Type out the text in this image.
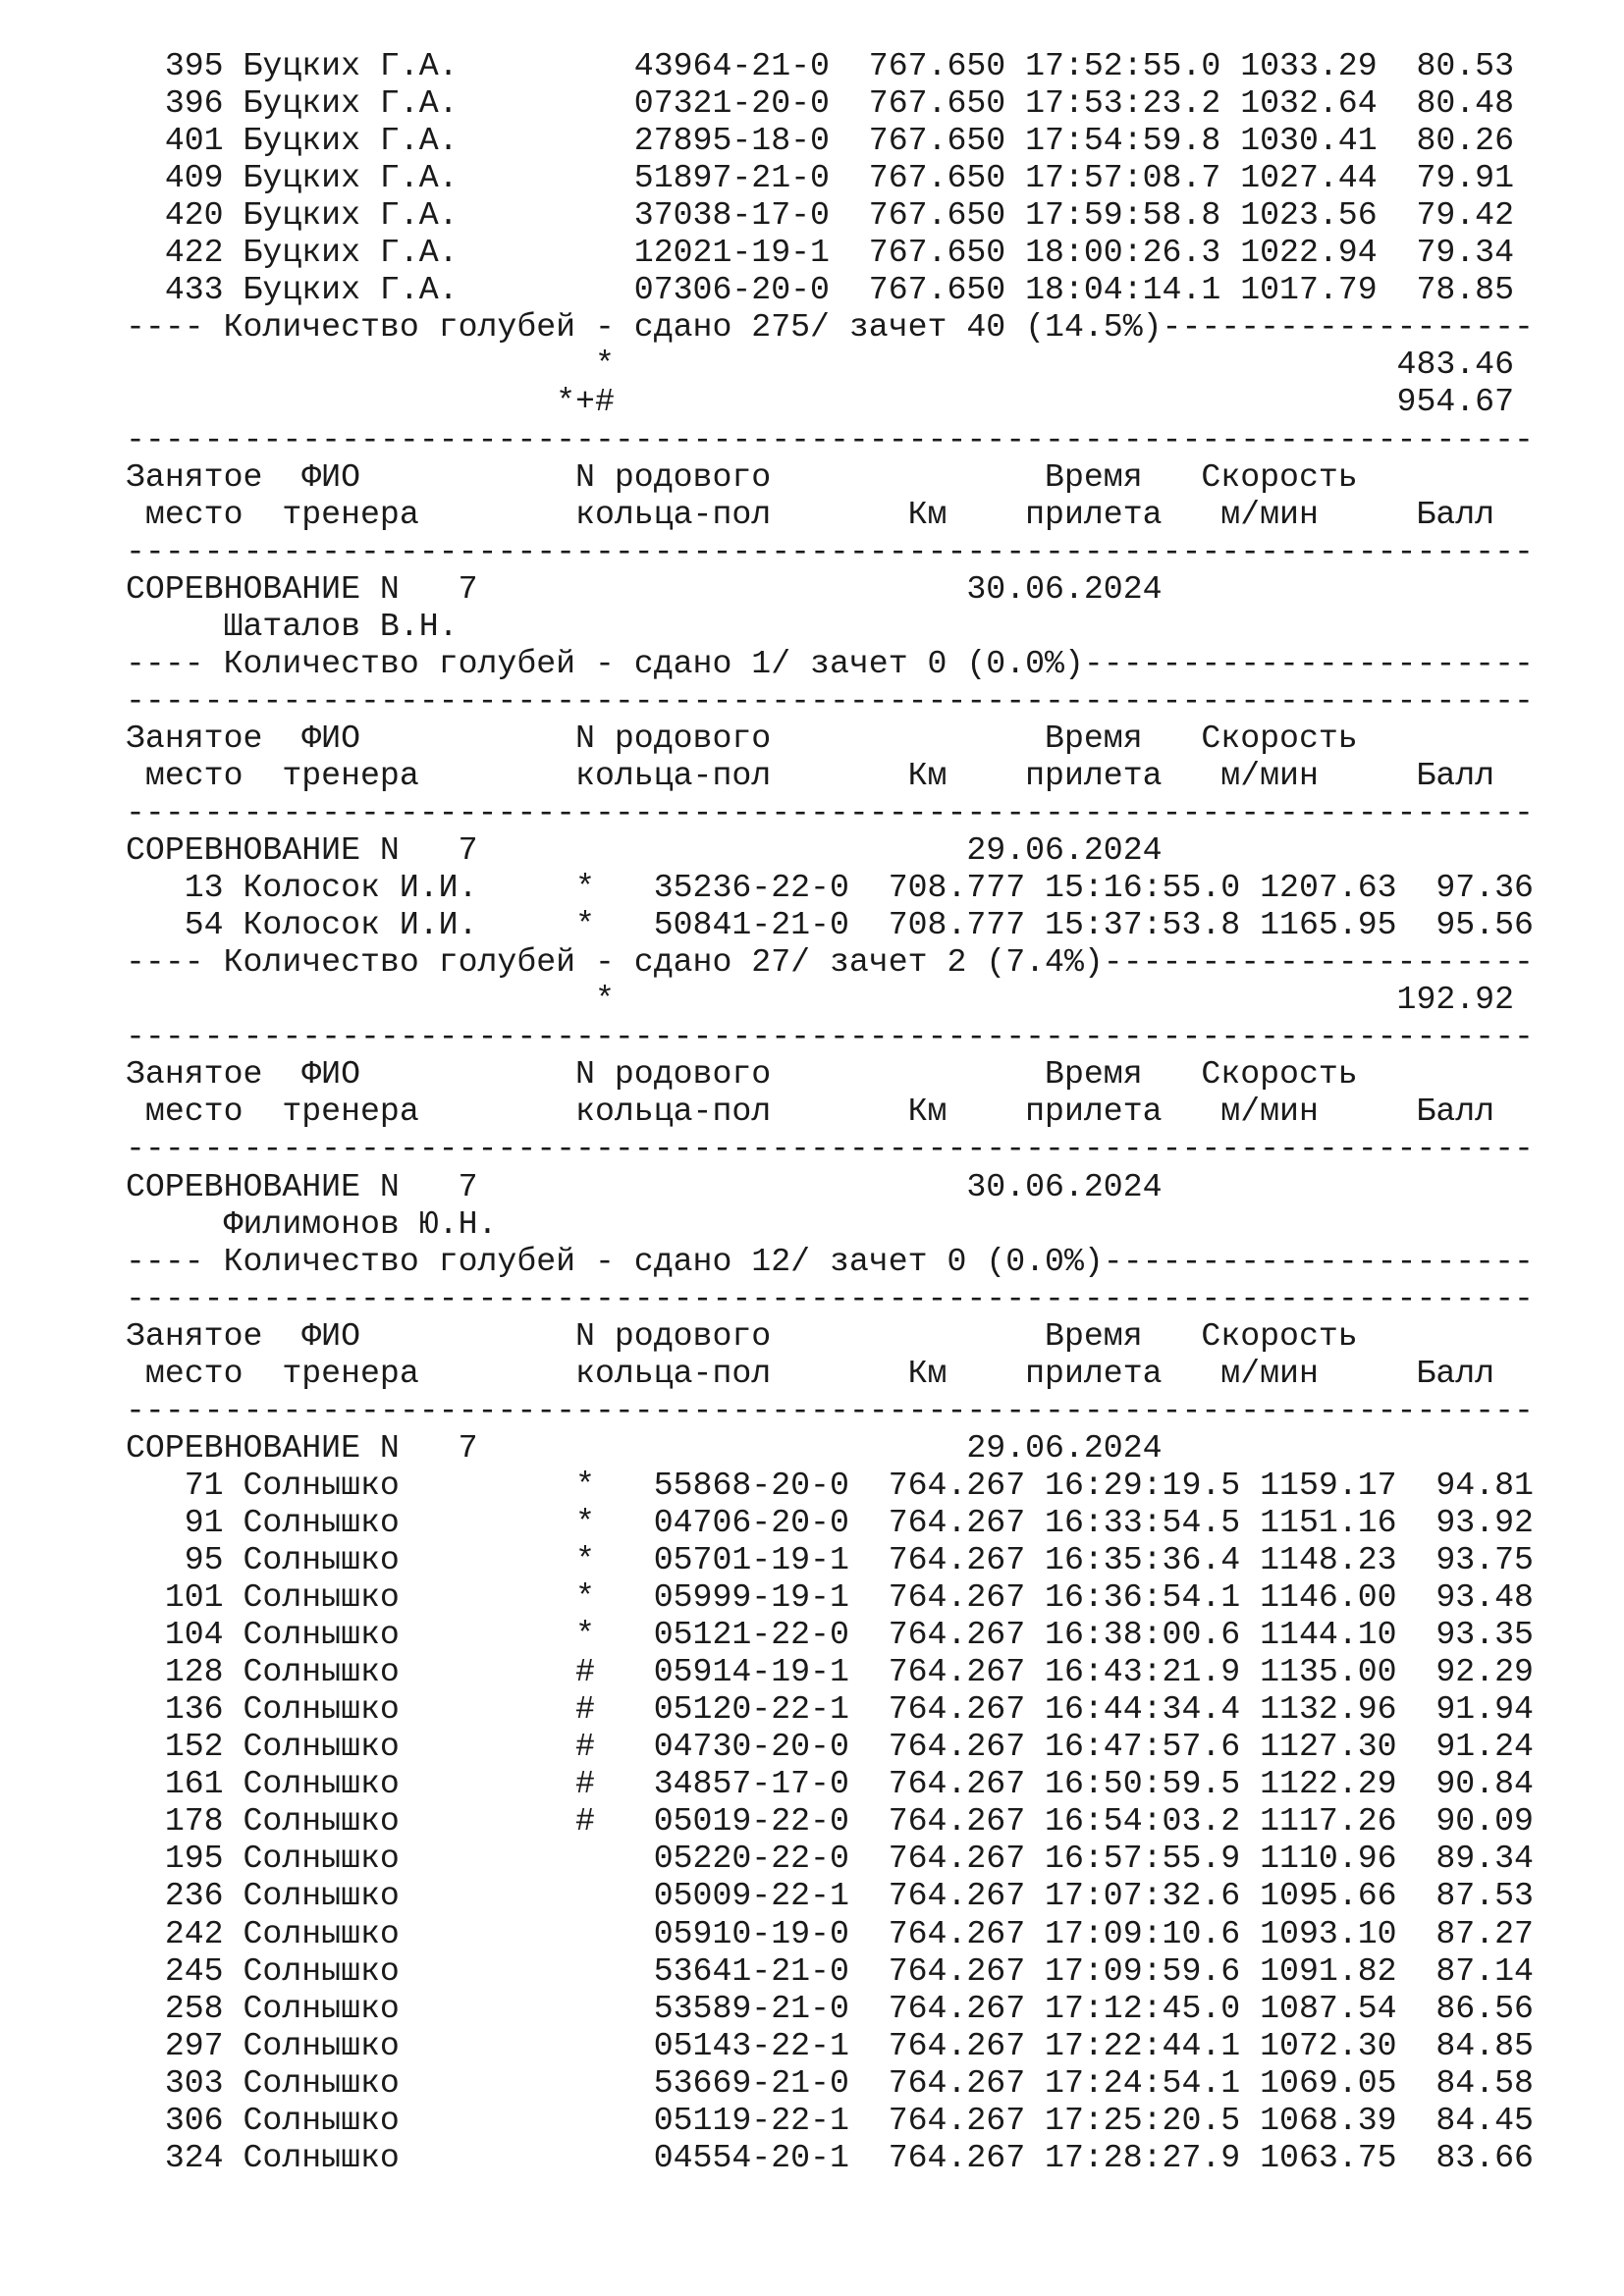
395 Буцких Г.А.         43964-21-0  767.650 17:52:55.0 1033.29  80.53
396 Буцких Г.А.         07321-20-0  767.650 17:53:23.2 1032.64  80.48
401 Буцких Г.А.         27895-18-0  767.650 17:54:59.8 1030.41  80.26
409 Буцких Г.А.         51897-21-0  767.650 17:57:08.7 1027.44  79.91
420 Буцких Г.А.         37038-17-0  767.650 17:59:58.8 1023.56  79.42
422 Буцких Г.А.         12021-19-1  767.650 18:00:26.3 1022.94  79.34
433 Буцких Г.А.         07306-20-0  767.650 18:04:14.1 1017.79  78.85
---- Количество голубей - сдано 275/ зачет 40 (14.5%)-------------------
*                                        483.46
*+#                                        954.67
------------------------------------------------------------------------
Занятое  ФИО           N родового              Время   Скорость
место  тренера        кольца-пол       Км    прилета   м/мин     Балл
------------------------------------------------------------------------
СОРЕВНОВАНИЕ N   7                         30.06.2024
Шаталов В.Н.
---- Количество голубей - сдано 1/ зачет 0 (0.0%)-----------------------
------------------------------------------------------------------------
Занятое  ФИО           N родового              Время   Скорость
место  тренера        кольца-пол       Км    прилета   м/мин     Балл
------------------------------------------------------------------------
СОРЕВНОВАНИЕ N   7                         29.06.2024
13 Колосок И.И.     *   35236-22-0  708.777 15:16:55.0 1207.63  97.36
54 Колосок И.И.     *   50841-21-0  708.777 15:37:53.8 1165.95  95.56
---- Количество голубей - сдано 27/ зачет 2 (7.4%)----------------------
*                                        192.92
------------------------------------------------------------------------
Занятое  ФИО           N родового              Время   Скорость
место  тренера        кольца-пол       Км    прилета   м/мин     Балл
------------------------------------------------------------------------
СОРЕВНОВАНИЕ N   7                         30.06.2024
Филимонов Ю.Н.
---- Количество голубей - сдано 12/ зачет 0 (0.0%)----------------------
------------------------------------------------------------------------
Занятое  ФИО           N родового              Время   Скорость
место  тренера        кольца-пол       Км    прилета   м/мин     Балл
------------------------------------------------------------------------
СОРЕВНОВАНИЕ N   7                         29.06.2024
71 Солнышко         *   55868-20-0  764.267 16:29:19.5 1159.17  94.81
91 Солнышко         *   04706-20-0  764.267 16:33:54.5 1151.16  93.92
95 Солнышко         *   05701-19-1  764.267 16:35:36.4 1148.23  93.75
101 Солнышко         *   05999-19-1  764.267 16:36:54.1 1146.00  93.48
104 Солнышко         *   05121-22-0  764.267 16:38:00.6 1144.10  93.35
128 Солнышко         #   05914-19-1  764.267 16:43:21.9 1135.00  92.29
136 Солнышко         #   05120-22-1  764.267 16:44:34.4 1132.96  91.94
152 Солнышко         #   04730-20-0  764.267 16:47:57.6 1127.30  91.24
161 Солнышко         #   34857-17-0  764.267 16:50:59.5 1122.29  90.84
178 Солнышко         #   05019-22-0  764.267 16:54:03.2 1117.26  90.09
195 Солнышко             05220-22-0  764.267 16:57:55.9 1110.96  89.34
236 Солнышко             05009-22-1  764.267 17:07:32.6 1095.66  87.53
242 Солнышко             05910-19-0  764.267 17:09:10.6 1093.10  87.27
245 Солнышко             53641-21-0  764.267 17:09:59.6 1091.82  87.14
258 Солнышко             53589-21-0  764.267 17:12:45.0 1087.54  86.56
297 Солнышко             05143-22-1  764.267 17:22:44.1 1072.30  84.85
303 Солнышко             53669-21-0  764.267 17:24:54.1 1069.05  84.58
306 Солнышко             05119-22-1  764.267 17:25:20.5 1068.39  84.45
324 Солнышко             04554-20-1  764.267 17:28:27.9 1063.75  83.66
